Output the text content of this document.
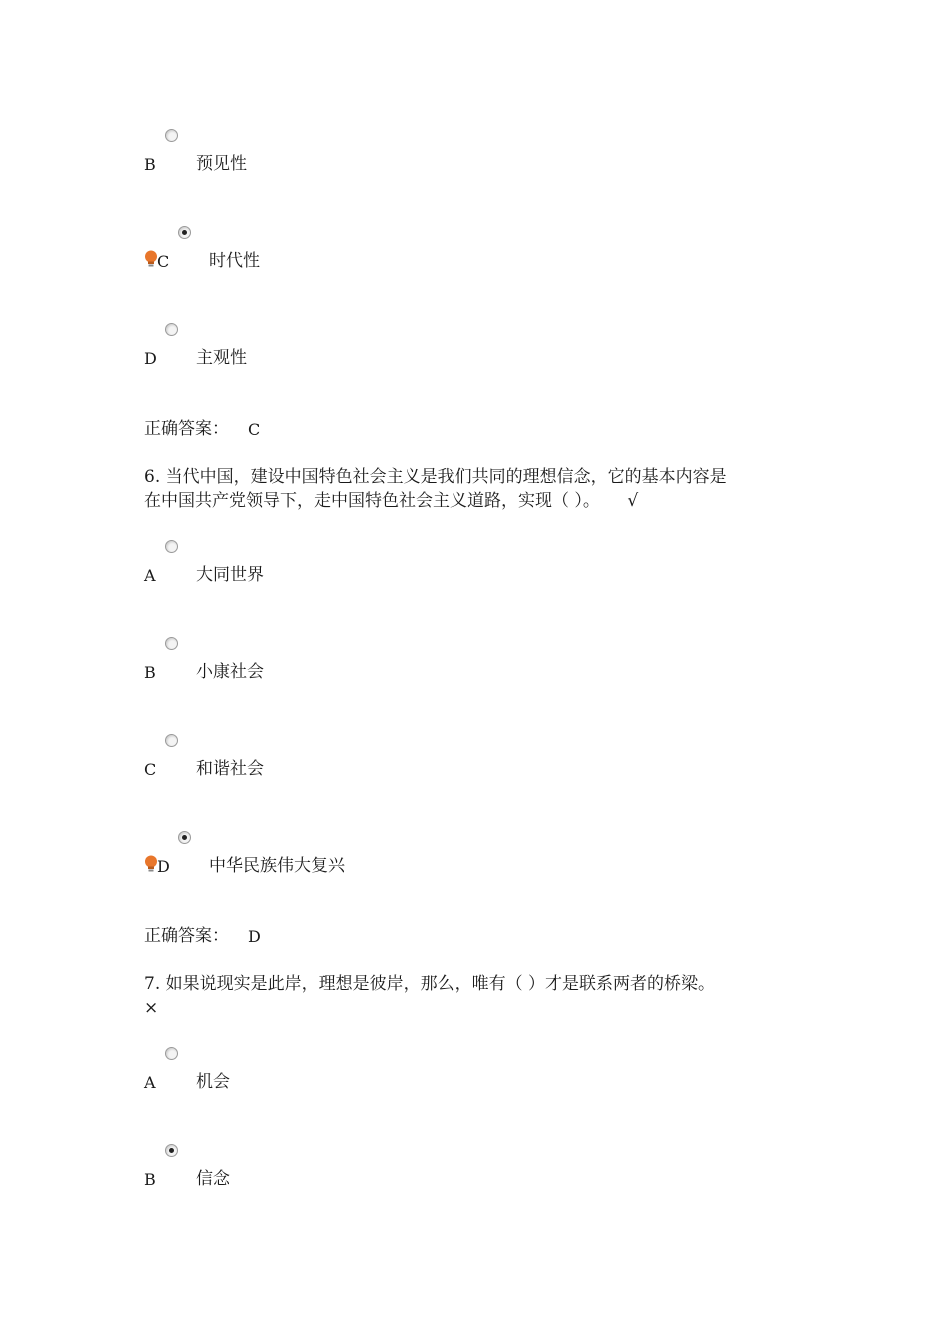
B 预见性
C 时代性
D 主观性
正确答案： C
6. 当代中国，建设中国特色社会主义是我们共同的理想信念，它的基本内容是
在中国共产党领导下，走中国特色社会主义道路，实现（ ）。 √
A 大同世界
B 小康社会
C 和谐社会
D 中华民族伟大复兴
正确答案： D
7. 如果说现实是此岸，理想是彼岸，那么，唯有（ ）才是联系两者的桥梁。
×
A 机会
B 信念
